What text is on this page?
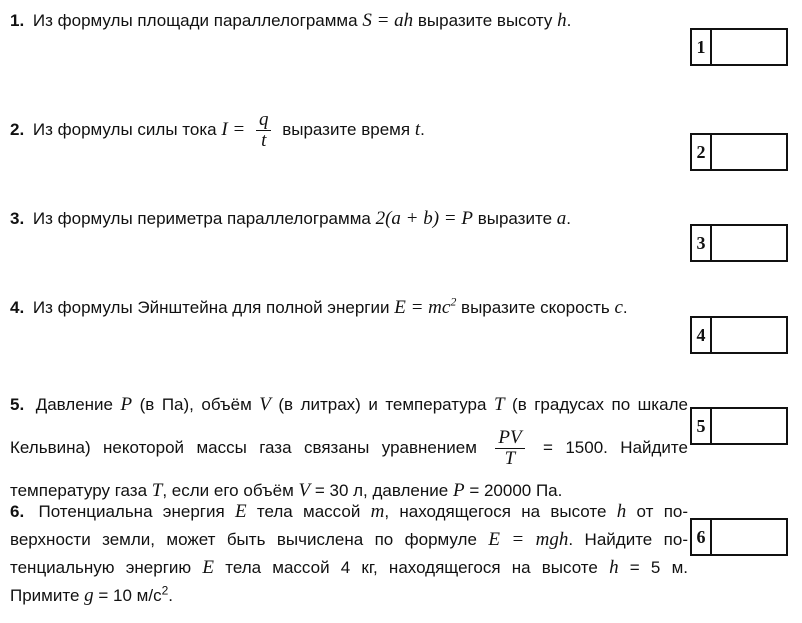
1. Из формулы площади параллелограмма S = ah выразите высоту h.
2. Из формулы силы тока $I = \frac{q}{t}$ выразите время t.
3. Из формулы периметра параллелограмма 2(a + b) = P выразите a.
4. Из формулы Эйнштейна для полной энергии $E = mc^2$ выразите скорость c.
5. Давление P (в Па), объём V (в литрах) и температура T (в градусах по шкале
Кельвина) некоторой массы газа связаны уравнением $\frac{PV}{T} = 1500$. Найдите
температуру газа T, если его объём V = 30 л, давление P = 20000 Па.
6. Потенциальна энергия E тела массой m, находящегося на высоте h от по-
верхности земли, может быть вычислена по формуле E = mgh. Найдите по-
тенциальную энергию E тела массой 4 кг, находящегося на высоте h = 5 м.
Примите g = 10 $м/с^2$.
1
2
3
4
5
6
